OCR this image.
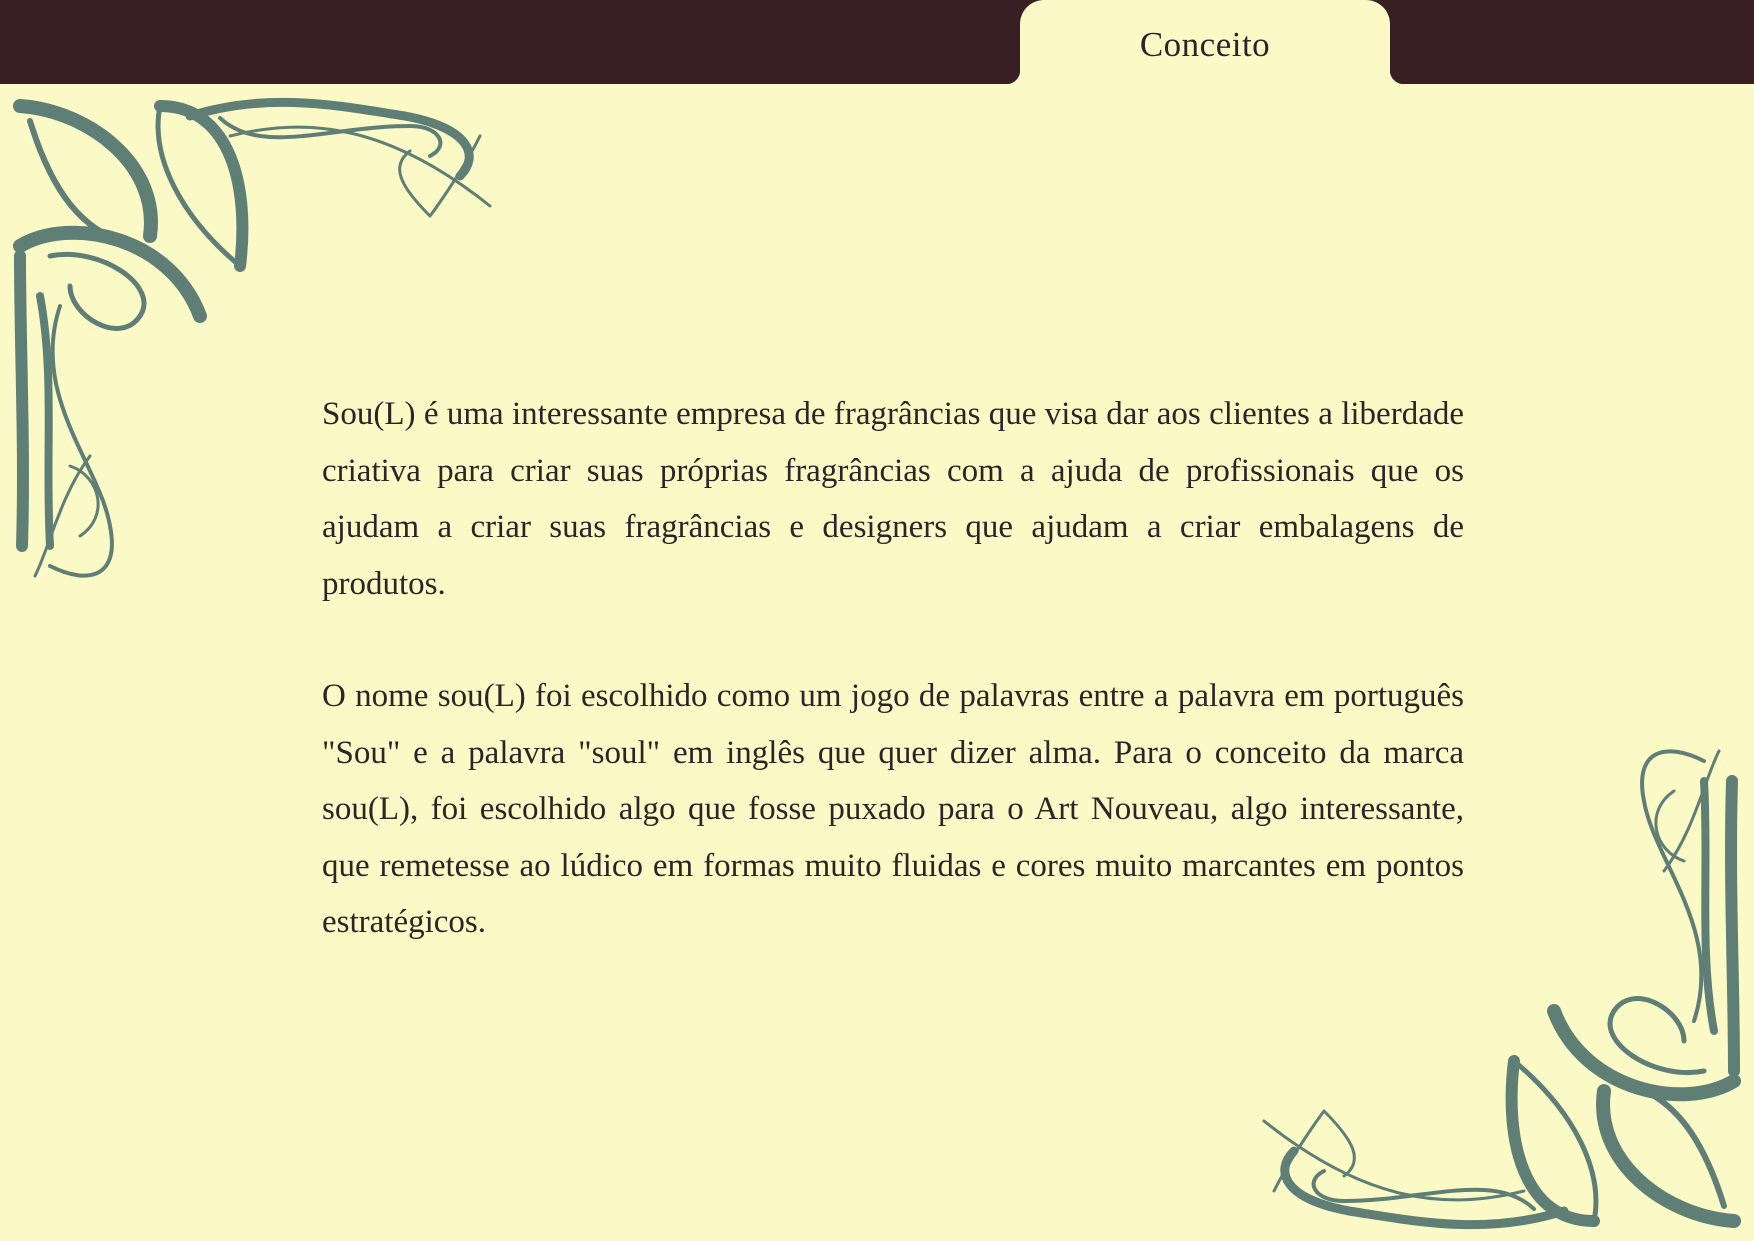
Conceito

Sou(L) é uma interessante empresa de fragrâncias que visa dar aos clientes a liberdade criativa para criar suas próprias fragrâncias com a ajuda de profissionais que os ajudam a criar suas fragrâncias e designers que ajudam a criar embalagens de produtos.

O nome sou(L) foi escolhido como um jogo de palavras entre a palavra em português "Sou" e a palavra "soul" em inglês que quer dizer alma. Para o conceito da marca sou(L), foi escolhido algo que fosse puxado para o Art Nouveau, algo interessante, que remetesse ao lúdico em formas muito fluidas e cores muito marcantes em pontos estratégicos.
